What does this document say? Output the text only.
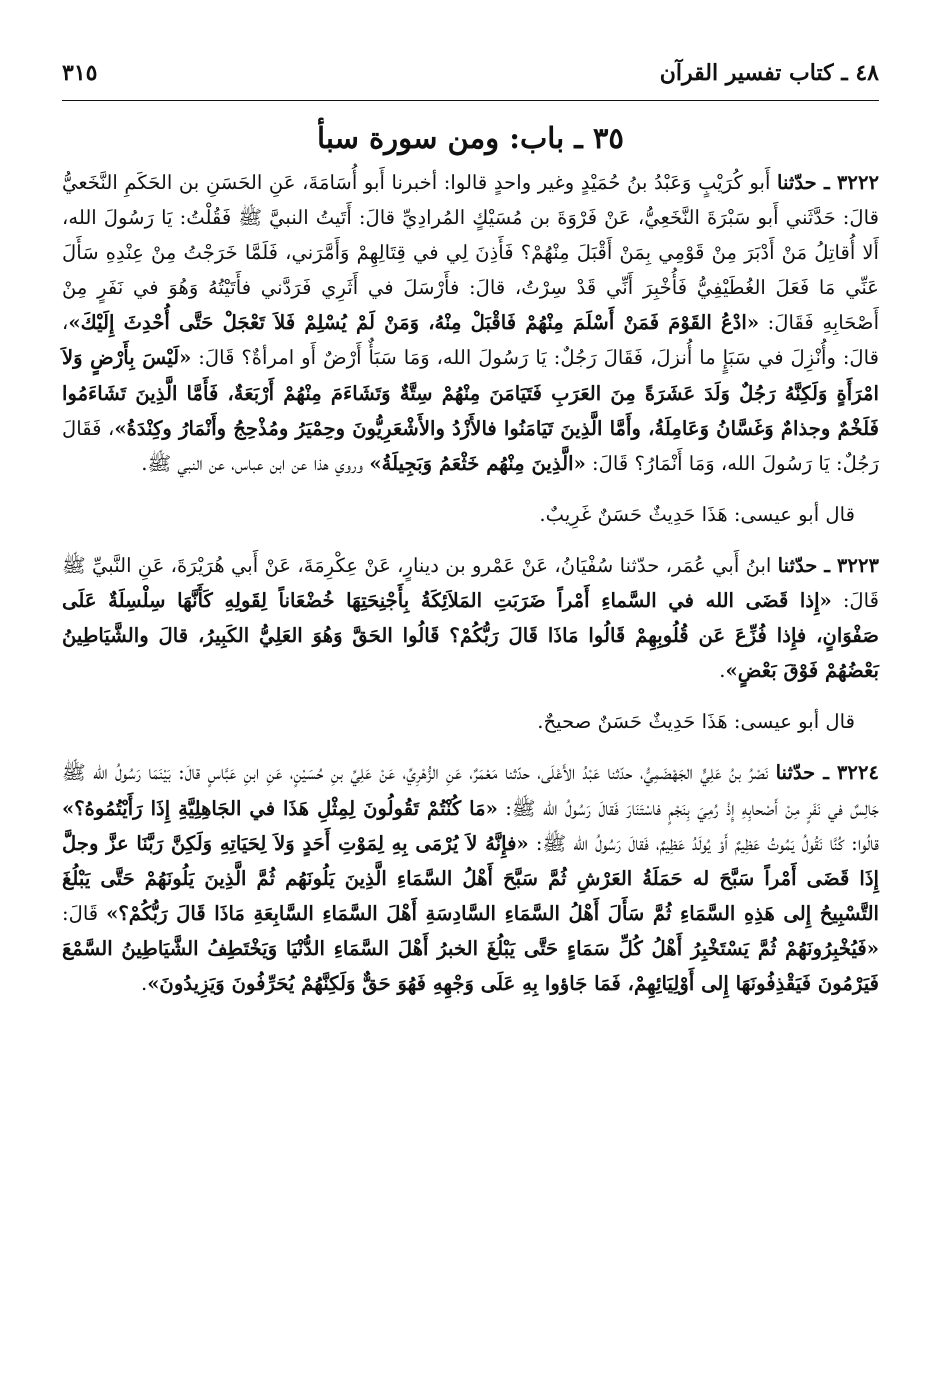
٤٨ ـ كتاب تفسير القرآن
٣١٥
٣٥ ـ باب: ومن سورة سبأ

٣٢٢٢ ـ حدّثنا أَبو كُرَيْبٍ وَعَبْدُ بنُ حُمَيْدٍ وغير واحدٍ قالوا: أخبرنا أَبو أُسَامَةَ، عَنِ الحَسَنِ بن الحَكَمِ النَّخَعيُّ قالَ: حَدَّثَني أَبو سَبْرَةَ النَّخَعِيُّ، عَنْ فَرْوَةَ بن مُسَيْكٍ المُرادِيِّ قالَ: أَتَيتُ النبيَّ ﷺ فَقُلْتُ: يَا رَسُولَ الله، أَلا أُقاتِلُ مَنْ أَدْبَرَ مِنْ قَوْمِي بِمَنْ أَقْبَلَ مِنْهُمْ؟ فَأَذِنَ لِي في قِتَالِهِمْ وَأَمَّرَني، فَلَمَّا خَرَجْتُ مِنْ عِنْدِهِ سَأَلَ عَنِّي مَا فَعَلَ الغُطَيْفِيُّ فَأُخْبِرَ أَنِّي قَدْ سِرْتُ، قالَ: فأَرْسَلَ في أَثَرِي فَرَدَّني فأَتَيْتُهُ وَهُوَ في نَفَرٍ مِنْ أَصْحَابِهِ فَقَالَ: «ادْعُ القَوْمَ فَمَنْ أَسْلَمَ مِنْهُمْ فَاقْبَلْ مِنْهُ، وَمَنْ لَمْ يُسْلِمْ فَلاَ تَعْجَلْ حَتَّى أُحْدِثَ إِلَيْكَ»، قالَ: وأُنْزِلَ في سَبَإٍ ما أُنزلَ، فَقَالَ رَجُلٌ: يَا رَسُولَ الله، وَمَا سَبَأٌ أَرْضٌ أَو امرأةٌ؟ قَالَ: «لَيْسَ بِأَرْضٍ وَلاَ امْرَأَةٍ وَلَكِنَّهُ رَجُلٌ وَلَدَ عَشَرَةً مِنَ العَرَبِ فَتَيَامَنَ مِنْهُمْ سِتَّةٌ وَتَشَاءَمَ مِنْهُمْ أَرْبَعَةٌ، فَأَمَّا الَّذِينَ تَشَاءَمُوا فَلَخْمٌ وجذامٌ وَغَسَّانُ وَعَامِلَةُ، وأَمَّا الَّذِينَ تَيَامَنُوا فالأَزْدُ والأَشْعَرِيُّونَ وحِمْيَرُ ومُذْحِجُ وأَنْمَارُ وكِنْدَةُ»، فَقَالَ رَجُلٌ: يَا رَسُولَ الله، وَمَا أَنْمَارُ؟ قَالَ: «الَّذِينَ مِنْهُم خَثْعَمُ وَبَجِيلَةُ» وروي هذا عن ابن عباس، عن النبي ﷺ.

قال أبو عيسى: هَذَا حَدِيثٌ حَسَنٌ غَرِيبٌ.

٣٢٢٣ ـ حدّثنا ابنُ أَبي عُمَر، حدّثنا سُفْيَانُ، عَنْ عَمْرو بن دينارٍ، عَنْ عِكْرِمَةَ، عَنْ أَبي هُرَيْرَةَ، عَنِ النَّبيِّ ﷺ قَالَ: «إِذا قَضَى الله في السَّماءِ أَمْراً ضَرَبَتِ المَلاَئِكَةُ بِأَجْنِحَتِهَا خُضْعَاناً لِقَولِهِ كَأَنَّهَا سِلْسِلَةٌ عَلَى صَفْوَانٍ، فإِذا فُزِّعَ عَن قُلُوبِهِمْ قَالُوا مَاذَا قَالَ رَبُّكُمْ؟ قَالُوا الحَقَّ وَهُوَ العَلِيُّ الكَبِيرُ، قالَ والشَّيَاطِينُ بَعْضُهُمْ فَوْقَ بَعْضٍ».

قال أبو عيسى: هَذَا حَدِيثٌ حَسَنٌ صحيحٌ.

٣٢٢٤ ـ حدّثنا نَصْرُ بنُ عَلِيٍّ الجَهْضَمِيُّ، حدّثنا عَبْدُ الأَعْلَى، حدّثنا مَعْمَرٌ، عَنِ الزُّهْرِيِّ، عَنْ عَلِيِّ بنِ حُسَيْنٍ، عَنِ ابنِ عَبَّاسٍ قالَ: بَيْنَمَا رَسُولُ الله ﷺ جَالِسٌ في نَفَرٍ مِنْ أَصْحابِهِ إِذْ رُمِيَ بِنَجْمٍ فاسْتَنَارَ فَقالَ رَسُولُ الله ﷺ: «مَا كُنْتُمْ تَقُولُونَ لِمِثْلِ هَذَا في الجَاهِلِيَّةِ إِذَا رَأَيْتُمُوهُ؟» قالُوا: كُنَّا نَقُولُ يَمُوتُ عَظِيمٌ أَوْ يُولَدُ عَظِيمٌ، فَقالَ رَسُولُ الله ﷺ: «فإِنَّهُ لاَ يُرْمَى بِهِ لِمَوْتِ أَحَدٍ وَلاَ لِحَيَاتِهِ وَلَكِنَّ رَبَّنَا عزَّ وجلَّ إِذَا قَضَى أَمْراً سَبَّحَ له حَمَلَةُ العَرْشِ ثُمَّ سَبَّحَ أَهْلُ السَّمَاءِ الَّذِينَ يَلُونَهُم ثُمَّ الَّذِينَ يَلُونَهُمْ حَتَّى يَبْلُغَ التَّسْبِيحُ إِلى هَذِهِ السَّمَاءِ ثُمَّ سَأَلَ أَهْلُ السَّمَاءِ السَّادِسَةِ أَهْلَ السَّمَاءِ السَّابِعَةِ مَاذَا قَالَ رَبُّكُمْ؟» قَالَ: «فَيُخْبِرُونَهُمْ ثُمَّ يَسْتَخْبِرُ أَهْلُ كُلِّ سَمَاءٍ حَتَّى يَبْلُغَ الخبرُ أَهْلَ السَّمَاءِ الدُّنْيَا وَيَخْتَطِفُ الشَّيَاطِينُ السَّمْعَ فَيَرْمُونَ فَيَقْذِفُونَهَا إِلى أَوْلِيَائِهِمْ، فَمَا جَاؤوا بِهِ عَلَى وَجْهِهِ فَهُوَ حَقٌّ وَلَكِنَّهُمْ يُحَرِّفُونَ وَيَزِيدُونَ».
